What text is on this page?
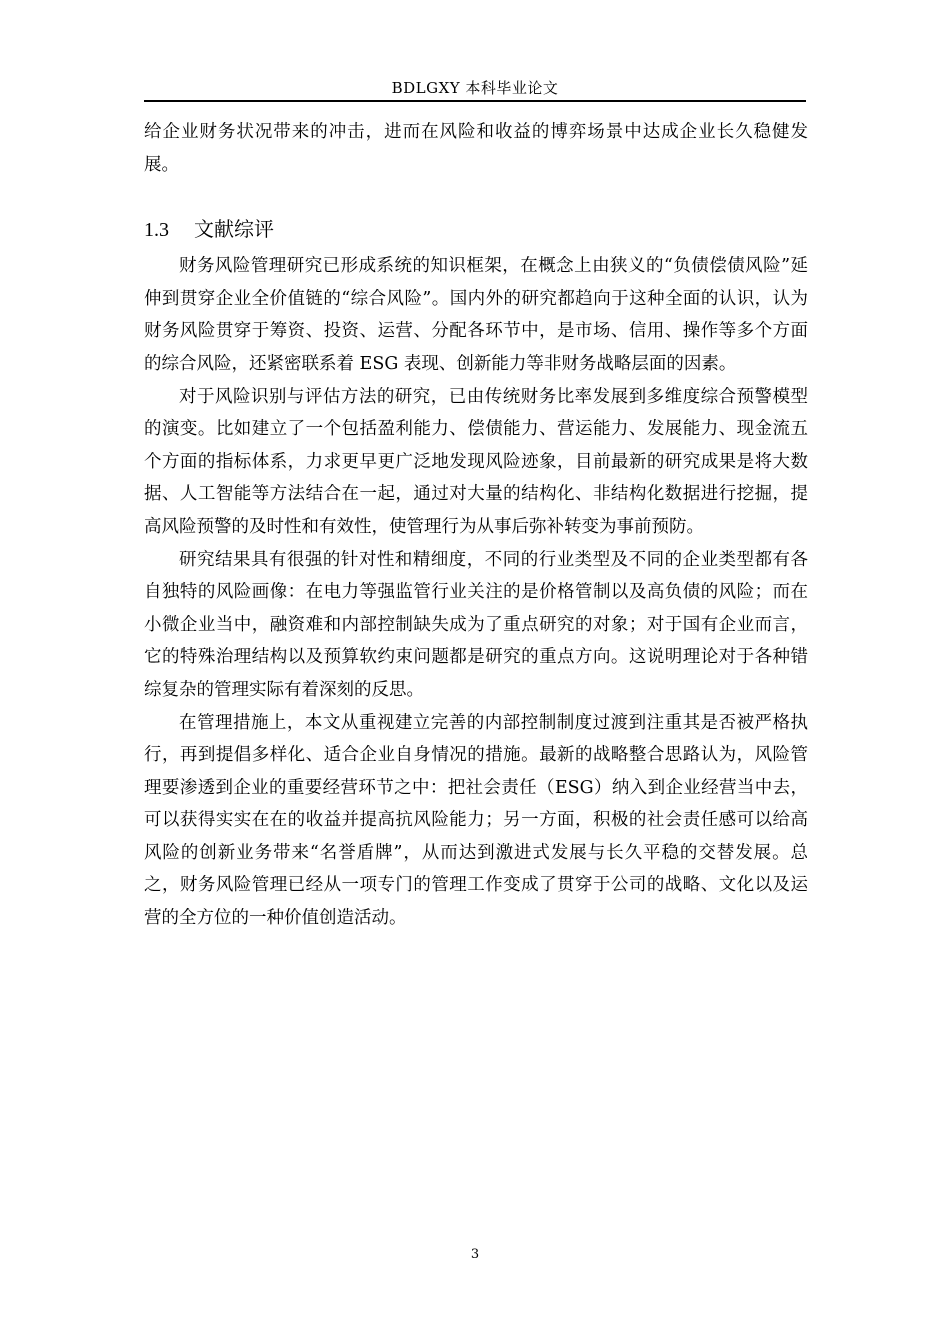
BDLGXY 本科毕业论文

给企业财务状况带来的冲击，进而在风险和收益的博弈场景中达成企业长久稳健发展。

1.3	文献综评

财务风险管理研究已形成系统的知识框架，在概念上由狭义的“负债偿债风险”延伸到贯穿企业全价值链的“综合风险”。国内外的研究都趋向于这种全面的认识，认为财务风险贯穿于筹资、投资、运营、分配各环节中，是市场、信用、操作等多个方面的综合风险，还紧密联系着 ESG 表现、创新能力等非财务战略层面的因素。

对于风险识别与评估方法的研究，已由传统财务比率发展到多维度综合预警模型的演变。比如建立了一个包括盈利能力、偿债能力、营运能力、发展能力、现金流五个方面的指标体系，力求更早更广泛地发现风险迹象，目前最新的研究成果是将大数据、人工智能等方法结合在一起，通过对大量的结构化、非结构化数据进行挖掘，提高风险预警的及时性和有效性，使管理行为从事后弥补转变为事前预防。

研究结果具有很强的针对性和精细度，不同的行业类型及不同的企业类型都有各自独特的风险画像：在电力等强监管行业关注的是价格管制以及高负债的风险；而在小微企业当中，融资难和内部控制缺失成为了重点研究的对象；对于国有企业而言，它的特殊治理结构以及预算软约束问题都是研究的重点方向。这说明理论对于各种错综复杂的管理实际有着深刻的反思。

在管理措施上，本文从重视建立完善的内部控制制度过渡到注重其是否被严格执行，再到提倡多样化、适合企业自身情况的措施。最新的战略整合思路认为，风险管理要渗透到企业的重要经营环节之中：把社会责任（ESG）纳入到企业经营当中去，可以获得实实在在的收益并提高抗风险能力；另一方面，积极的社会责任感可以给高风险的创新业务带来“名誉盾牌”，从而达到激进式发展与长久平稳的交替发展。总之，财务风险管理已经从一项专门的管理工作变成了贯穿于公司的战略、文化以及运营的全方位的一种价值创造活动。

3
